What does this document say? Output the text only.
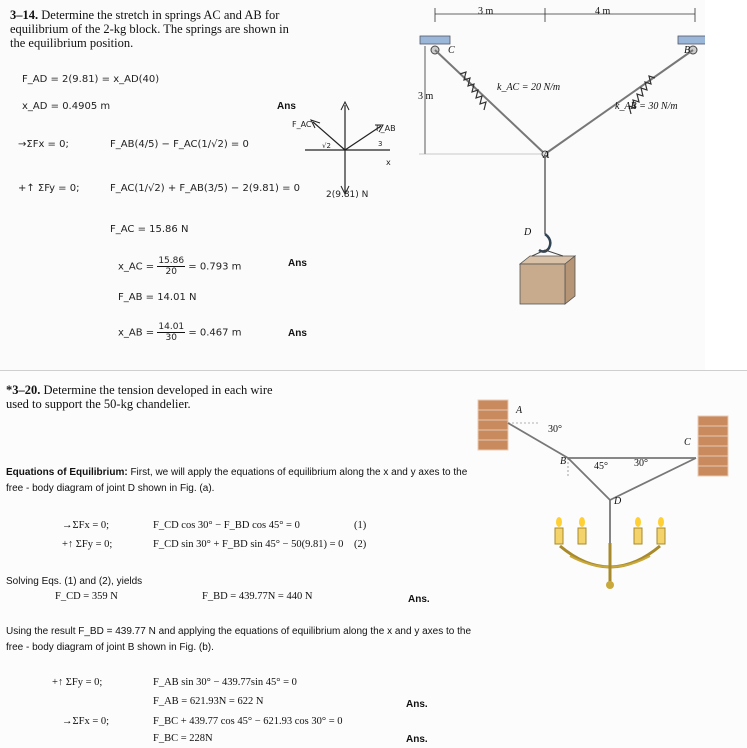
3–14. Determine the stretch in springs AC and AB for
equilibrium of the 2-kg block. The springs are shown in
the equilibrium position.
F_AD = 2(9.81) = x_AD(40)
x_AD = 0.4905 m	Ans
→ΣFx = 0;	F_AB(4/5) − F_AC(1/√2) = 0
+↑ ΣFy = 0;	F_AC(1/√2) + F_AB(3/5) − 2(9.81) = 0
F_AC = 15.86 N
x_AC = $\frac{15.86}{20} = 0.793$ m	Ans
F_AB = 14.01 N
x_AB = $\frac{14.01}{30} = 0.467$ m	Ans
F_AC	F_AB
√2	3
x
2(9.81) N
3 m	4 m
3 m
k_AC = 20 N/m
k_AB = 30 N/m
C	B
A
D
*3–20. Determine the tension developed in each wire
used to support the 50-kg chandelier.
Equations of Equilibrium: First, we will apply the equations of equilibrium along the x and y axes to the
free - body diagram of joint D shown in Fig. (a).
→ΣFx = 0;	F_CD cos 30° − F_BD cos 45° = 0	(1)
+↑ ΣFy = 0;	F_CD sin 30° + F_BD sin 45° − 50(9.81) = 0 (2)
Solving Eqs. (1) and (2), yields
F_CD = 359 N	F_BD = 439.77N = 440 N	Ans.
Using the result F_BD = 439.77 N and applying the equations of equilibrium along the x and y axes to the
free - body diagram of joint B shown in Fig. (b).
+↑ ΣFy = 0;	F_AB sin 30° − 439.77sin 45° = 0
F_AB = 621.93N = 622 N	Ans.
→ΣFx = 0;	F_BC + 439.77 cos 45° − 621.93 cos 30° = 0
F_BC = 228N	Ans.
A
B
C
D
30°
45°	30°
